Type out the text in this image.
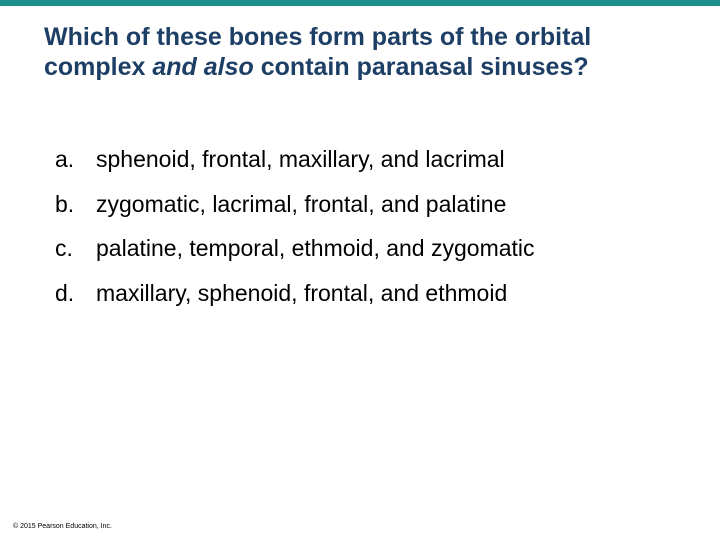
Which of these bones form parts of the orbital complex and also contain paranasal sinuses?
a. sphenoid, frontal, maxillary, and lacrimal
b. zygomatic, lacrimal, frontal, and palatine
c. palatine, temporal, ethmoid, and zygomatic
d. maxillary, sphenoid, frontal, and ethmoid
© 2015 Pearson Education, Inc.
